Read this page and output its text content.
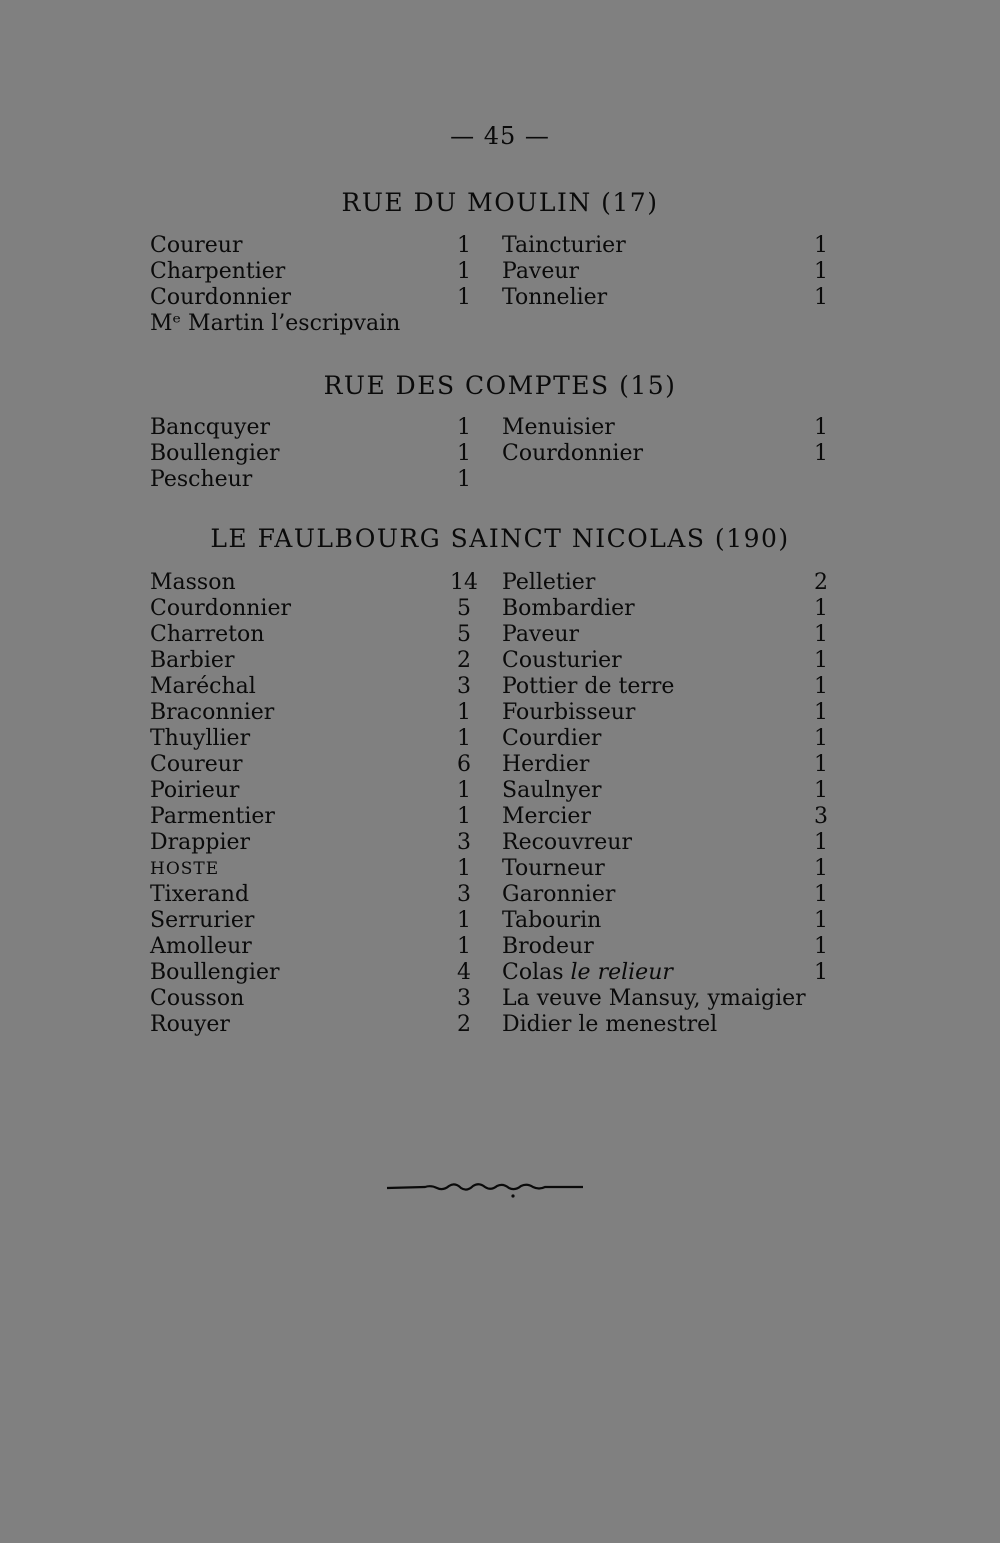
— 45 —
RUE DU MOULIN (17)
Coureur	1	Taincturier	1
Charpentier	1	Paveur	1
Courdonnier	1	Tonnelier	1
Mᵉ Martin l’escripvain
RUE DES COMPTES (15)
Bancquyer	1	Menuisier	1
Boullengier	1	Courdonnier	1
Pescheur	1
LE FAULBOURG SAINCT NICOLAS (190)
Masson	14 Pelletier	2
Courdonnier	5	Bombardier	1
Charreton	5	Paveur	1
Barbier	2	Cousturier	1
Maréchal	3	Pottier de terre	1
Braconnier	1	Fourbisseur	1
Thuyllier	1	Courdier	1
Coureur	6	Herdier	1
Poirieur	1	Saulnyer	1
Parmentier	1	Mercier	3
Drappier	3	Recouvreur	1
HOSTE	1	Tourneur	1
Tixerand	3	Garonnier	1
Serrurier	1	Tabourin	1
Amolleur	1	Brodeur	1
Boullengier	4	Colas le relieur	1
Cousson	3	La veuve Mansuy, ymaigier
Rouyer	2	Didier le menestrel
